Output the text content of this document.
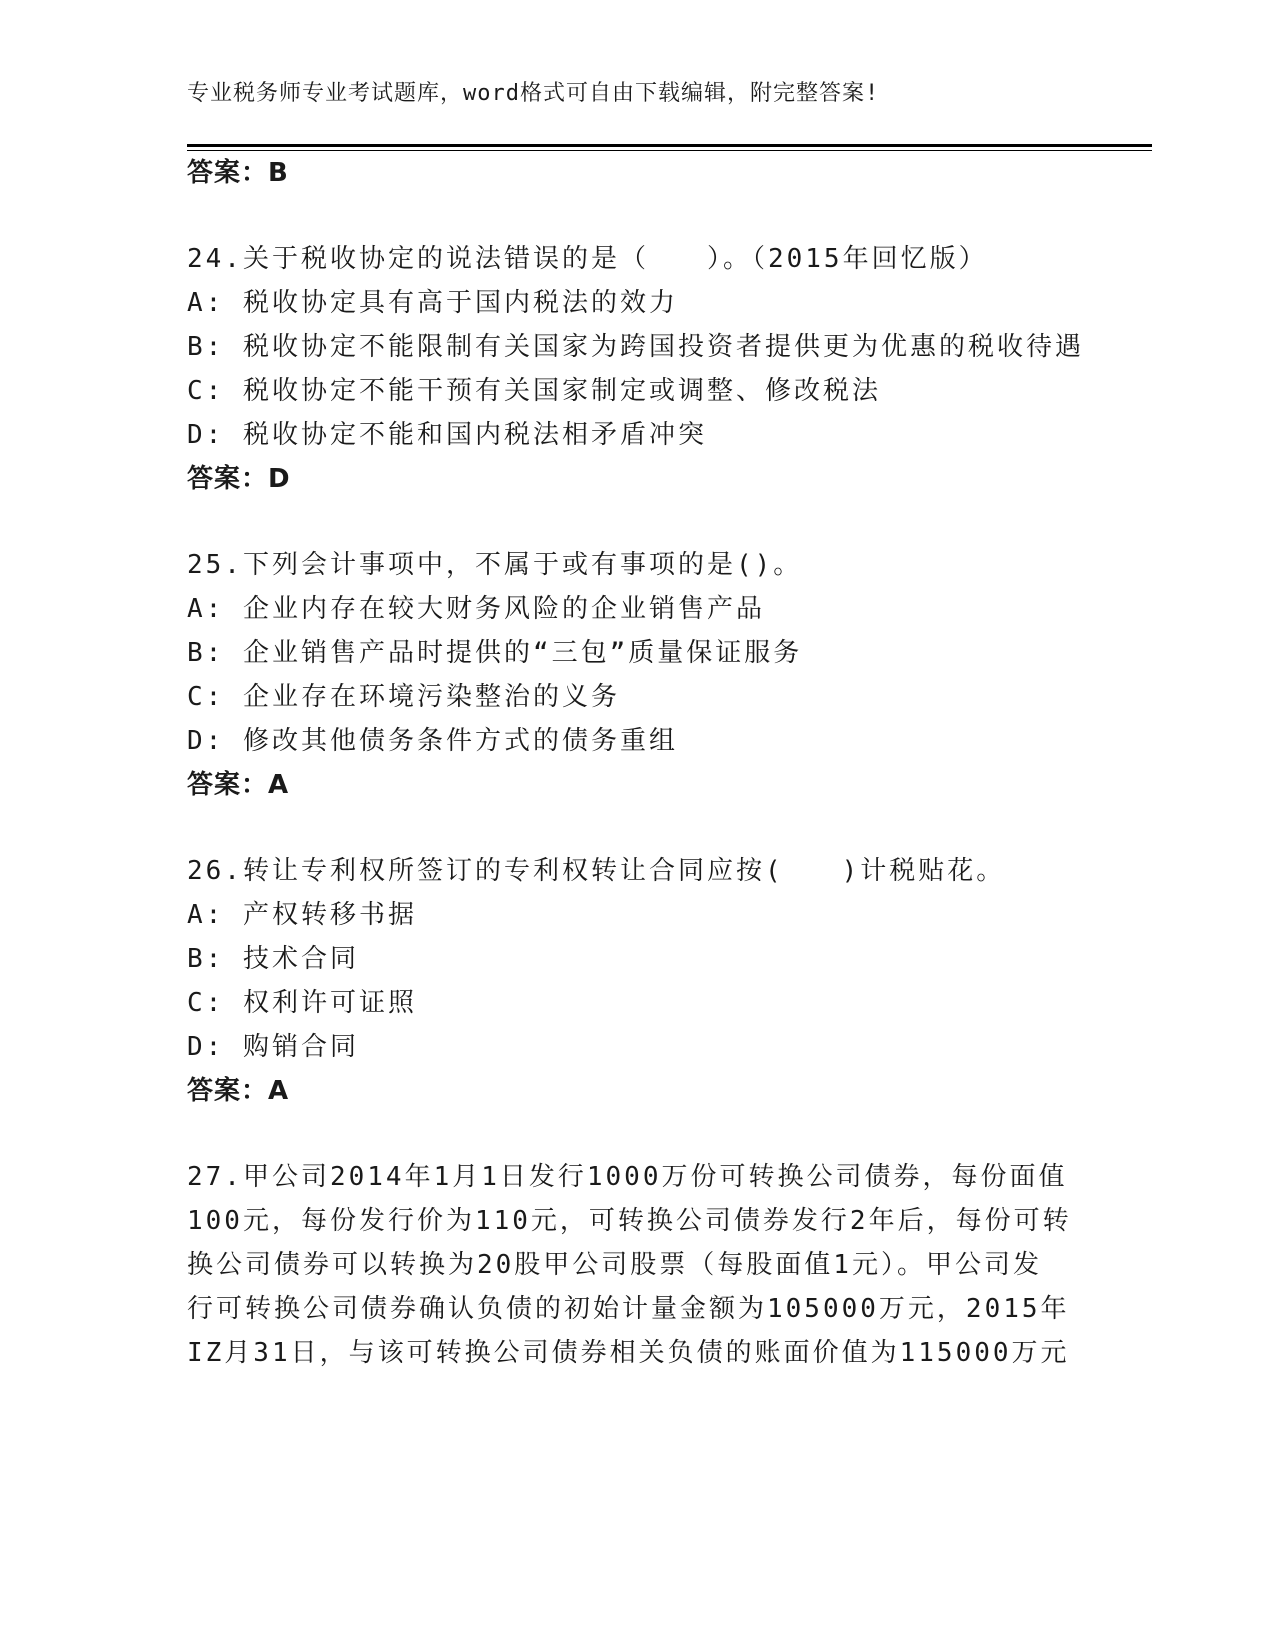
专业税务师专业考试题库，word格式可自由下载编辑，附完整答案!
答案：B
24.关于税收协定的说法错误的是（　　）。（2015年回忆版）
A: 税收协定具有高于国内税法的效力
B: 税收协定不能限制有关国家为跨国投资者提供更为优惠的税收待遇
C: 税收协定不能干预有关国家制定或调整、修改税法
D: 税收协定不能和国内税法相矛盾冲突
答案：D
25.下列会计事项中，不属于或有事项的是()。
A: 企业内存在较大财务风险的企业销售产品
B: 企业销售产品时提供的“三包”质量保证服务
C: 企业存在环境污染整治的义务
D: 修改其他债务条件方式的债务重组
答案：A
26.转让专利权所签订的专利权转让合同应按(　　)计税贴花。
A: 产权转移书据
B: 技术合同
C: 权利许可证照
D: 购销合同
答案：A
27.甲公司2014年1月1日发行1000万份可转换公司债券，每份面值
100元，每份发行价为110元，可转换公司债券发行2年后，每份可转
换公司债券可以转换为20股甲公司股票（每股面值1元）。甲公司发
行可转换公司债券确认负债的初始计量金额为105000万元，2015年
IZ月31日，与该可转换公司债券相关负债的账面价值为115000万元
